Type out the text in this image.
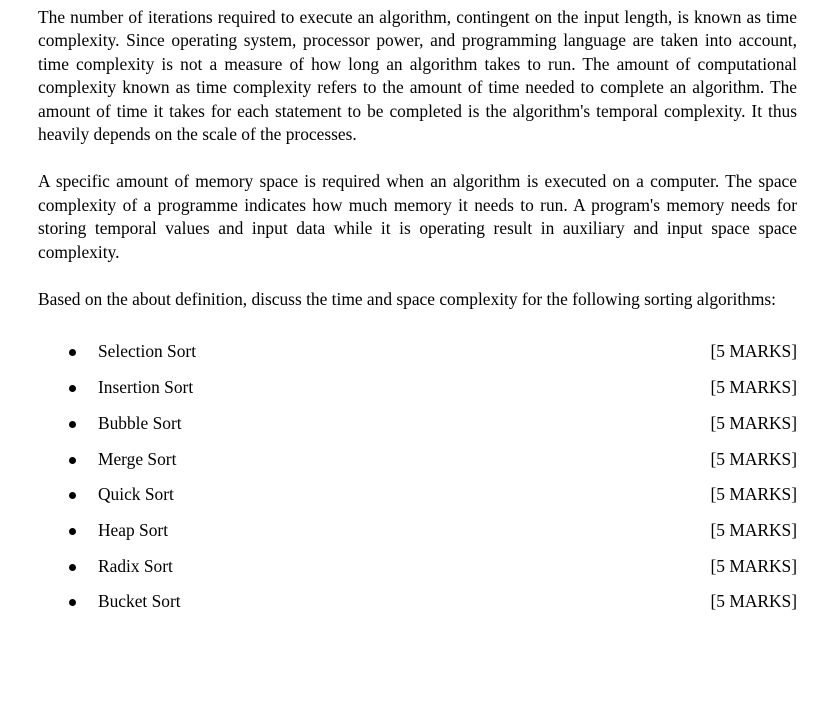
The number of iterations required to execute an algorithm, contingent on the input length, is known as time complexity. Since operating system, processor power, and programming language are taken into account, time complexity is not a measure of how long an algorithm takes to run. The amount of computational complexity known as time complexity refers to the amount of time needed to complete an algorithm. The amount of time it takes for each statement to be completed is the algorithm's temporal complexity. It thus heavily depends on the scale of the processes.

A specific amount of memory space is required when an algorithm is executed on a computer. The space complexity of a programme indicates how much memory it needs to run. A program's memory needs for storing temporal values and input data while it is operating result in auxiliary and input space space complexity.

Based on the about definition, discuss the time and space complexity for the following sorting algorithms:

Selection Sort	[5 MARKS]
Insertion Sort	[5 MARKS]
Bubble Sort	[5 MARKS]
Merge Sort	[5 MARKS]
Quick Sort	[5 MARKS]
Heap Sort	[5 MARKS]
Radix Sort	[5 MARKS]
Bucket Sort	[5 MARKS]
